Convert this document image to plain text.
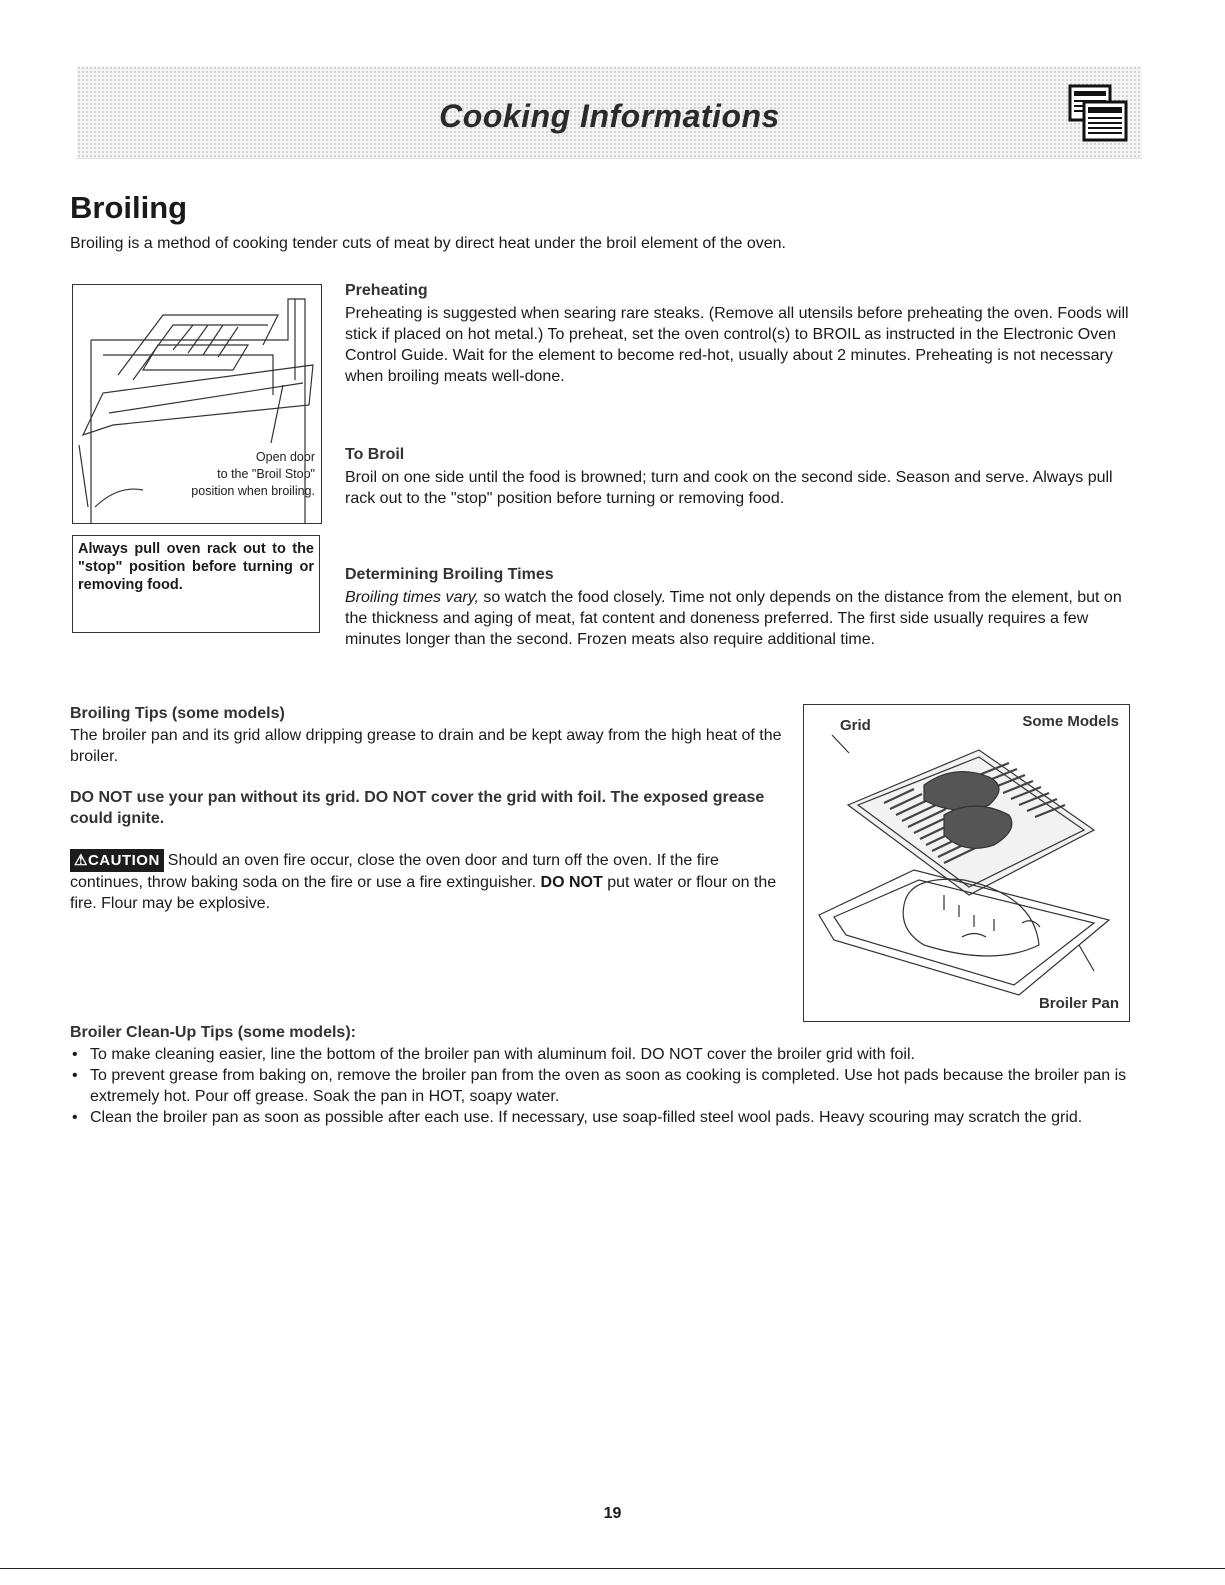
Cooking Informations
Broiling

Broiling is a method of cooking tender cuts of meat by direct heat under the broil element of the oven.

Open door
to the "Broil Stop"
position when broiling.
Always pull oven rack out to the "stop" position before turning or removing food.
Preheating

Preheating is suggested when searing rare steaks. (Remove all utensils before preheating the oven. Foods will stick if placed on hot metal.) To preheat, set the oven control(s) to BROIL as instructed in the Electronic Oven Control Guide. Wait for the element to become red-hot, usually about 2 minutes. Preheating is not necessary when broiling meats well-done.

To Broil

Broil on one side until the food is browned; turn and cook on the second side. Season and serve. Always pull rack out to the "stop" position before turning or removing food.

Determining Broiling Times

Broiling times vary, so watch the food closely. Time not only depends on the distance from the element, but on the thickness and aging of meat, fat content and doneness preferred. The first side usually requires a few minutes longer than the second. Frozen meats also require additional time.

Broiling Tips (some models)

The broiler pan and its grid allow dripping grease to drain and be kept away from the high heat of the broiler.

DO NOT use your pan without its grid. DO NOT cover the grid with foil. The exposed grease could ignite.

⚠CAUTION Should an oven fire occur, close the oven door and turn off the oven. If the fire continues, throw baking soda on the fire or use a fire extinguisher. DO NOT put water or flour on the fire. Flour may be explosive.

Grid	Some Models
Broiler Pan
Broiler Clean-Up Tips (some models):
• To make cleaning easier, line the bottom of the broiler pan with aluminum foil. DO NOT cover the broiler grid with foil.
• To prevent grease from baking on, remove the broiler pan from the oven as soon as cooking is completed. Use hot pads because the broiler pan is extremely hot. Pour off grease. Soak the pan in HOT, soapy water.
• Clean the broiler pan as soon as possible after each use. If necessary, use soap-filled steel wool pads. Heavy scouring may scratch the grid.
19
